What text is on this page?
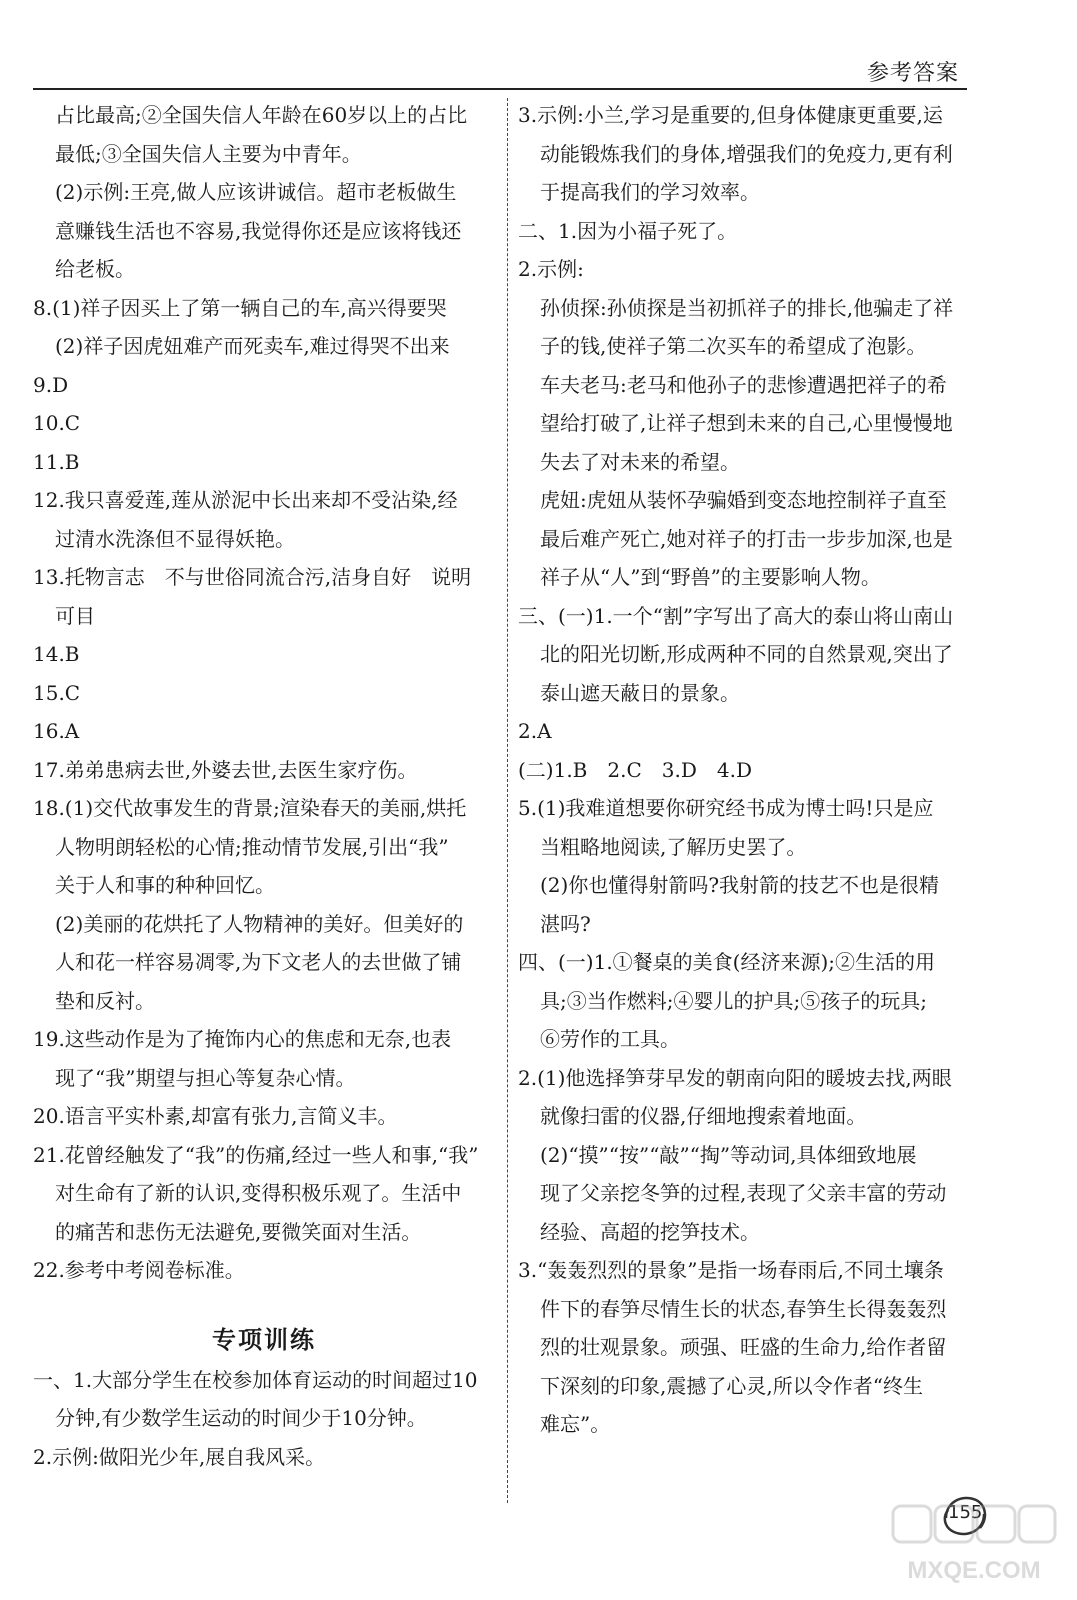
参考答案

占比最高;②全国失信人年龄在60岁以上的占比

最低;③全国失信人主要为中青年。

(2)示例:王亮,做人应该讲诚信。超市老板做生

意赚钱生活也不容易,我觉得你还是应该将钱还

给老板。

8.(1)祥子因买上了第一辆自己的车,高兴得要哭

(2)祥子因虎妞难产而死卖车,难过得哭不出来

9.D

10.C

11.B

12.我只喜爱莲,莲从淤泥中长出来却不受沾染,经

过清水洗涤但不显得妖艳。

13.托物言志　不与世俗同流合污,洁身自好　说明

可目

14.B

15.C

16.A

17.弟弟患病去世,外婆去世,去医生家疗伤。

18.(1)交代故事发生的背景;渲染春天的美丽,烘托

人物明朗轻松的心情;推动情节发展,引出“我”

关于人和事的种种回忆。

(2)美丽的花烘托了人物精神的美好。但美好的

人和花一样容易凋零,为下文老人的去世做了铺

垫和反衬。

19.这些动作是为了掩饰内心的焦虑和无奈,也表

现了“我”期望与担心等复杂心情。

20.语言平实朴素,却富有张力,言简义丰。

21.花曾经触发了“我”的伤痛,经过一些人和事,“我”

对生命有了新的认识,变得积极乐观了。生活中

的痛苦和悲伤无法避免,要微笑面对生活。

22.参考中考阅卷标准。

专项训练

一、1.大部分学生在校参加体育运动的时间超过10

分钟,有少数学生运动的时间少于10分钟。

2.示例:做阳光少年,展自我风采。

3.示例:小兰,学习是重要的,但身体健康更重要,运

动能锻炼我们的身体,增强我们的免疫力,更有利

于提高我们的学习效率。

二、1.因为小福子死了。

2.示例:

孙侦探:孙侦探是当初抓祥子的排长,他骗走了祥

子的钱,使祥子第二次买车的希望成了泡影。

车夫老马:老马和他孙子的悲惨遭遇把祥子的希

望给打破了,让祥子想到未来的自己,心里慢慢地

失去了对未来的希望。

虎妞:虎妞从装怀孕骗婚到变态地控制祥子直至

最后难产死亡,她对祥子的打击一步步加深,也是

祥子从“人”到“野兽”的主要影响人物。

三、(一)1.一个“割”字写出了高大的泰山将山南山

北的阳光切断,形成两种不同的自然景观,突出了

泰山遮天蔽日的景象。

2.A

(二)1.B　2.C　3.D　4.D

5.(1)我难道想要你研究经书成为博士吗!只是应

当粗略地阅读,了解历史罢了。

(2)你也懂得射箭吗?我射箭的技艺不也是很精

湛吗?

四、(一)1.①餐桌的美食(经济来源);②生活的用

具;③当作燃料;④婴儿的护具;⑤孩子的玩具;

⑥劳作的工具。

2.(1)他选择笋芽早发的朝南向阳的暖坡去找,两眼

就像扫雷的仪器,仔细地搜索着地面。

(2)“摸”“按”“敲”“掏”等动词,具体细致地展

现了父亲挖冬笋的过程,表现了父亲丰富的劳动

经验、高超的挖笋技术。

3.“轰轰烈烈的景象”是指一场春雨后,不同土壤条

件下的春笋尽情生长的状态,春笋生长得轰轰烈

烈的壮观景象。顽强、旺盛的生命力,给作者留

下深刻的印象,震撼了心灵,所以令作者“终生

难忘”。

155
MXQE.COM
